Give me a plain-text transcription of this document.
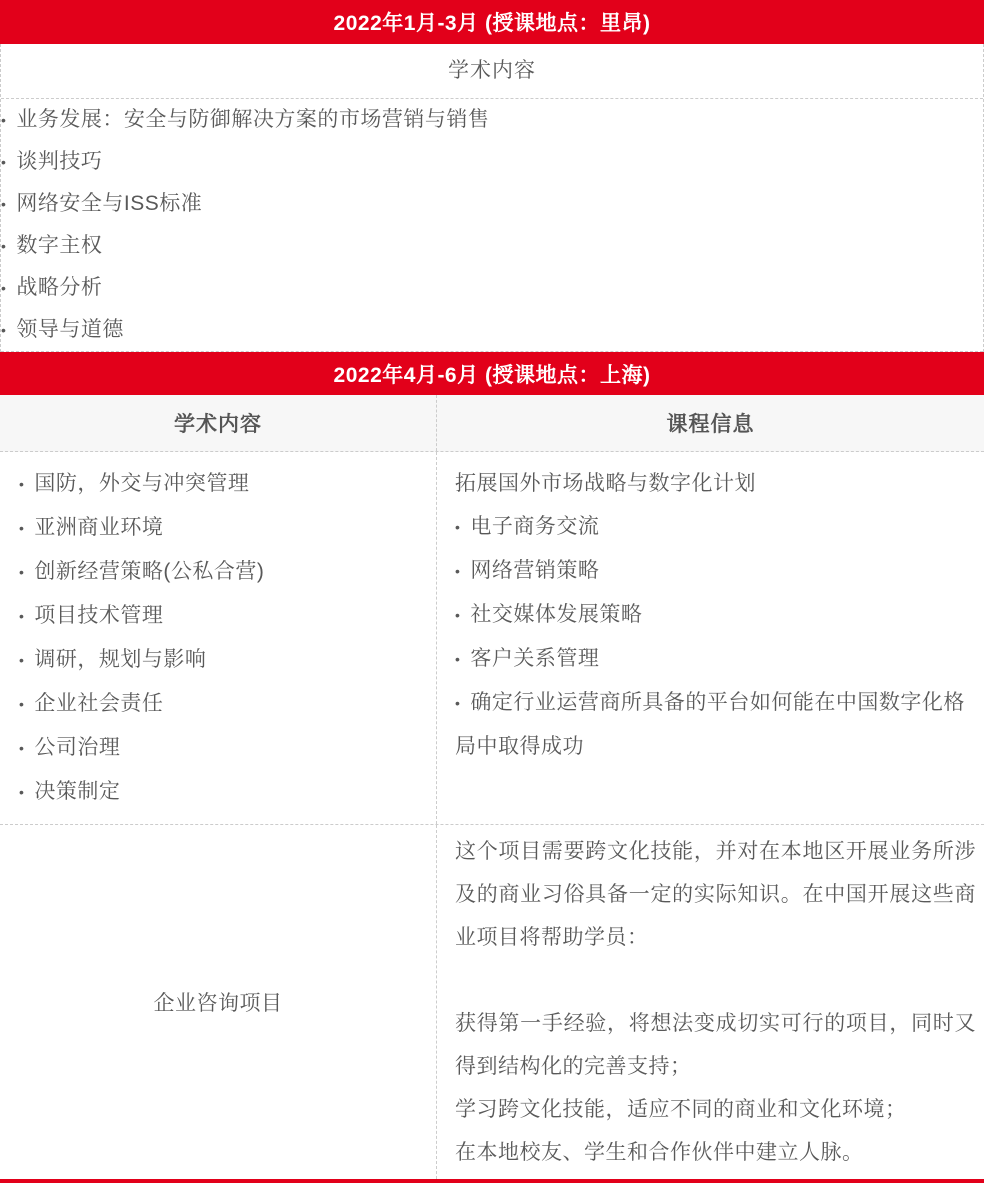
2022年1月-3月 (授课地点：里昂)
学术内容
• 业务发展：安全与防御解决方案的市场营销与销售
• 谈判技巧
• 网络安全与ISS标准
• 数字主权
• 战略分析
• 领导与道德
2022年4月-6月 (授课地点：上海)
学术内容	课程信息
• 国防，外交与冲突管理
• 亚洲商业环境
• 创新经营策略(公私合营)
• 项目技术管理
• 调研，规划与影响
• 企业社会责任
• 公司治理
• 决策制定
拓展国外市场战略与数字化计划
• 电子商务交流
• 网络营销策略
• 社交媒体发展策略
• 客户关系管理
• 确定行业运营商所具备的平台如何能在中国数字化格局中取得成功
企业咨询项目
这个项目需要跨文化技能，并对在本地区开展业务所涉及的商业习俗具备一定的实际知识。在中国开展这些商业项目将帮助学员：

获得第一手经验，将想法变成切实可行的项目，同时又得到结构化的完善支持；
学习跨文化技能，适应不同的商业和文化环境；
在本地校友、学生和合作伙伴中建立人脉。
